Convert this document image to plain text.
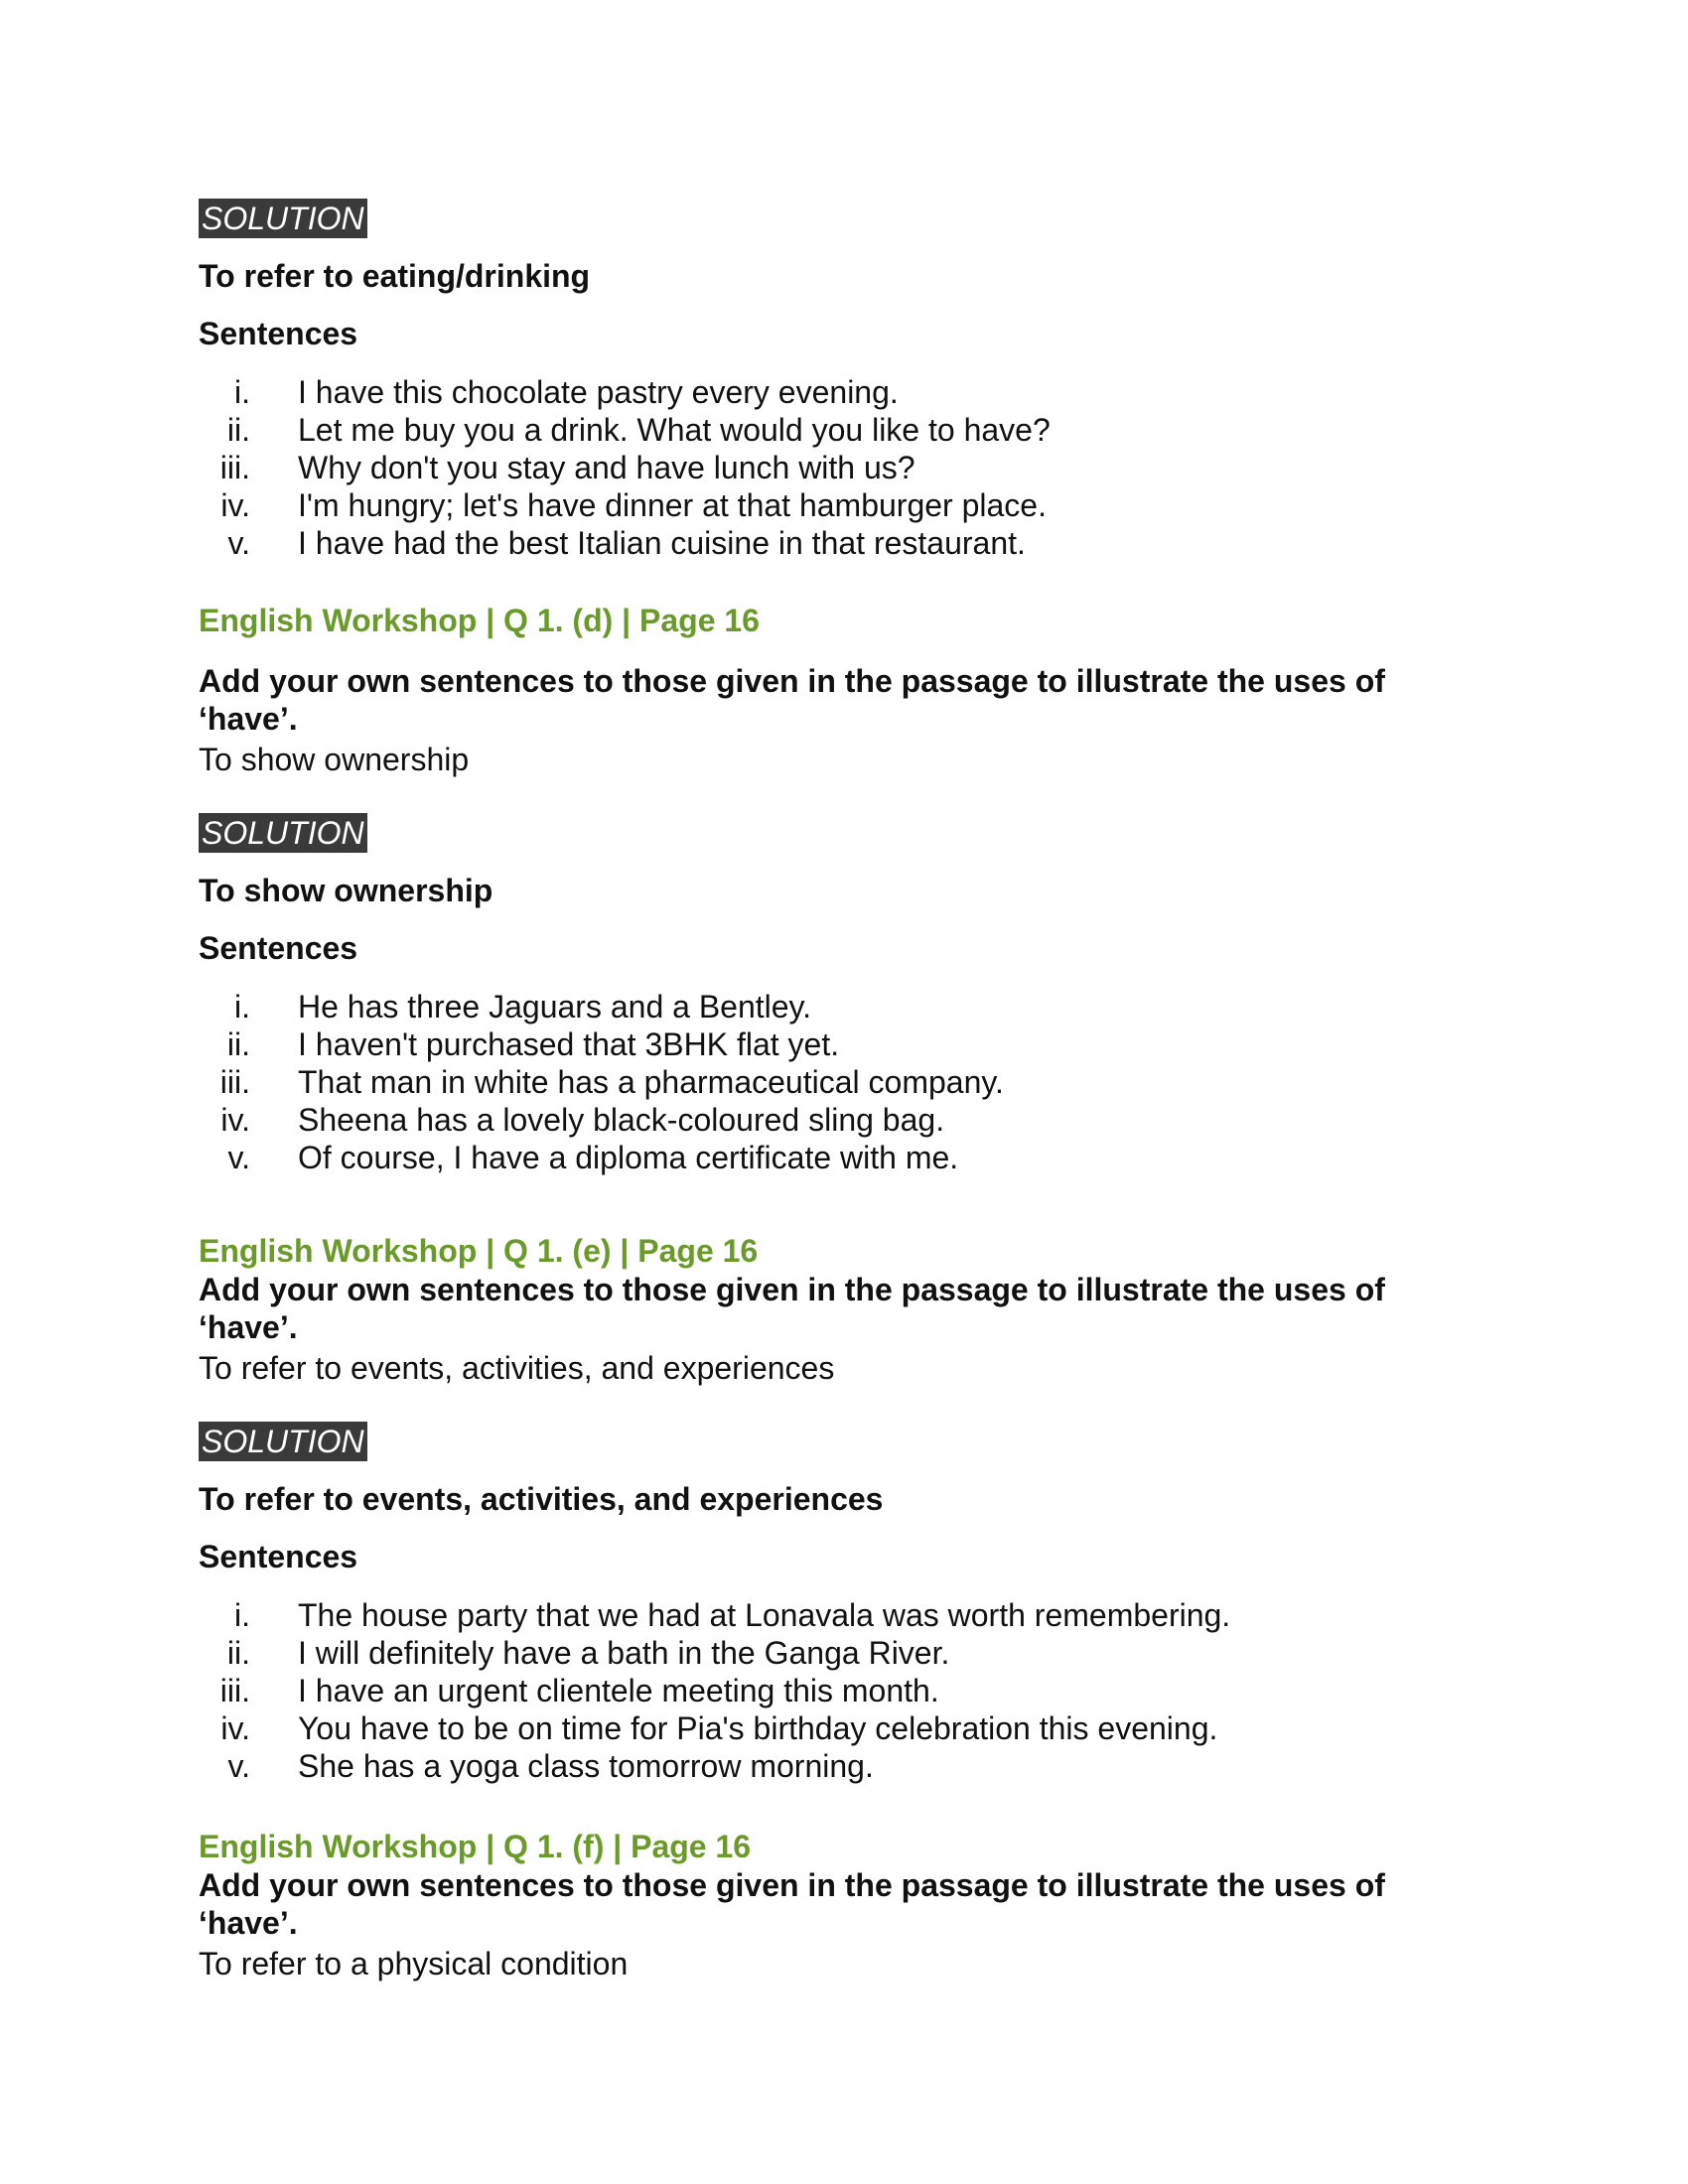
SOLUTION

To refer to eating/drinking

Sentences

i. I have this chocolate pastry every evening.
ii. Let me buy you a drink. What would you like to have?
iii. Why don't you stay and have lunch with us?
iv. I'm hungry; let's have dinner at that hamburger place.
v. I have had the best Italian cuisine in that restaurant.

English Workshop | Q 1. (d) | Page 16

Add your own sentences to those given in the passage to illustrate the uses of ‘have’.

To show ownership

SOLUTION

To show ownership

Sentences

i. He has three Jaguars and a Bentley.
ii. I haven't purchased that 3BHK flat yet.
iii. That man in white has a pharmaceutical company.
iv. Sheena has a lovely black-coloured sling bag.
v. Of course, I have a diploma certificate with me.

English Workshop | Q 1. (e) | Page 16

Add your own sentences to those given in the passage to illustrate the uses of ‘have’.

To refer to events, activities, and experiences

SOLUTION

To refer to events, activities, and experiences

Sentences

i. The house party that we had at Lonavala was worth remembering.
ii. I will definitely have a bath in the Ganga River.
iii. I have an urgent clientele meeting this month.
iv. You have to be on time for Pia's birthday celebration this evening.
v. She has a yoga class tomorrow morning.

English Workshop | Q 1. (f) | Page 16

Add your own sentences to those given in the passage to illustrate the uses of ‘have’.

To refer to a physical condition
